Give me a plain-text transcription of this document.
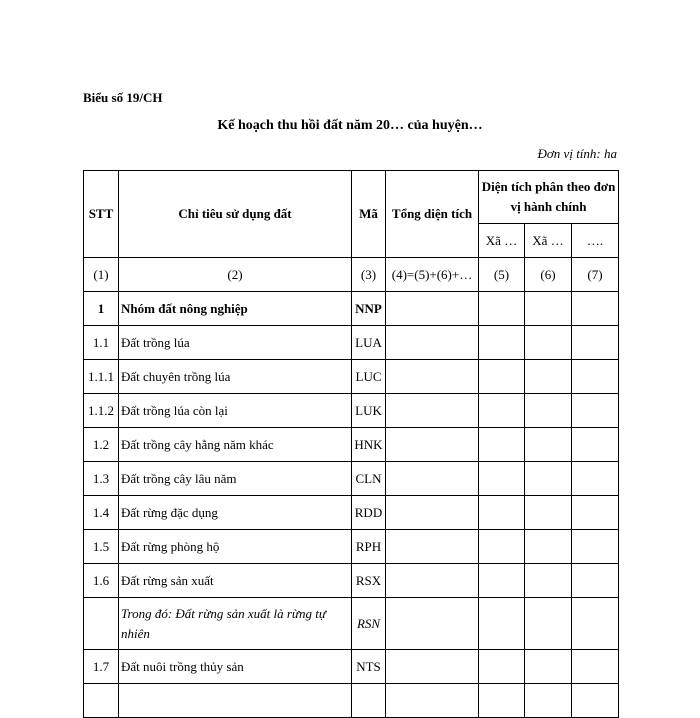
Biểu số 19/CH
Kế hoạch thu hồi đất năm 20… của huyện…
Đơn vị tính: ha
STT	Chỉ tiêu sử dụng đất	Mã	Tổng diện tích	Diện tích phân theo đơn vị hành chính		
				Xã …	Xã …	….
(1)	(2)	(3)	(4)=(5)+(6)+…	(5)	(6)	(7)
1	Nhóm đất nông nghiệp	NNP				
1.1	Đất trồng lúa	LUA				
1.1.1	Đất chuyên trồng lúa	LUC				
1.1.2	Đất trồng lúa còn lại	LUK				
1.2	Đất trồng cây hằng năm khác	HNK				
1.3	Đất trồng cây lâu năm	CLN				
1.4	Đất rừng đặc dụng	RDD				
1.5	Đất rừng phòng hộ	RPH				
1.6	Đất rừng sản xuất	RSX				
	Trong đó: Đất rừng sản xuất là rừng tự nhiên	RSN				
1.7	Đất nuôi trồng thủy sản	NTS				
